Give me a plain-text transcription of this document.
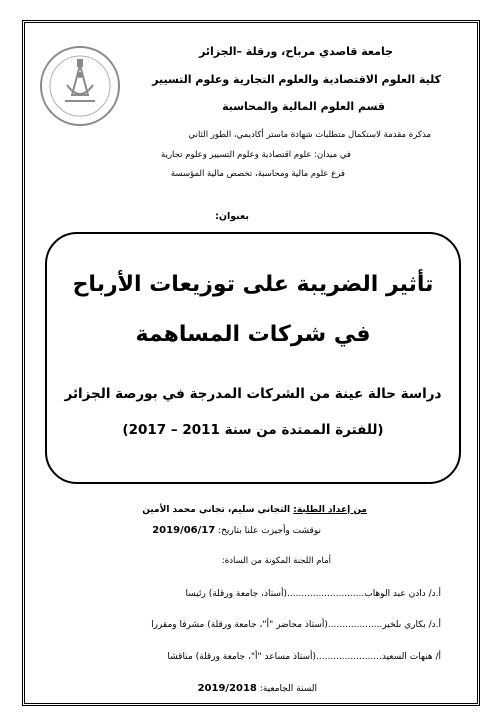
جامعة قاصدي مرباح، ورقلة –الجزائر
كلية العلوم الاقتصادية والعلوم التجارية وعلوم التسيير
قسم العلوم المالية والمحاسبة
مذكرة مقدمة لاستكمال متطلبات شهادة ماستر أكاديمي، الطور الثاني
في ميدان: علوم اقتصادية وعلوم التسيير وعلوم تجارية
فرع علوم مالية ومحاسبة، تخصص مالية المؤسسة
بعنوان:
تأثير الضريبة على توزيعات الأرباح
في شركات المساهمة
دراسة حالة عينة من الشركات المدرجة في بورصة الجزائر
(للفترة الممتدة من سنة 2011 – 2017)
من إعداد الطلبة: التجاني سليم، تجاني محمد الأمين
نوقشت وأجيزت علنا بتاريخ: 2019/06/17
أمام اللجنة المكونة من السادة:
أ.د/ دادن عبد الوهاب...........................(أستاذ، جامعة ورقلة) رئيسا
أ.د/ بكاري بلخير...................(أستاذ محاضر "أ"، جامعة ورقلة) مشرفا ومقررا
أ/ هنهات السعيد.......................(أستاذ مساعد "أ"، جامعة ورقلة) مناقشا
السنة الجامعية: 2019/2018
